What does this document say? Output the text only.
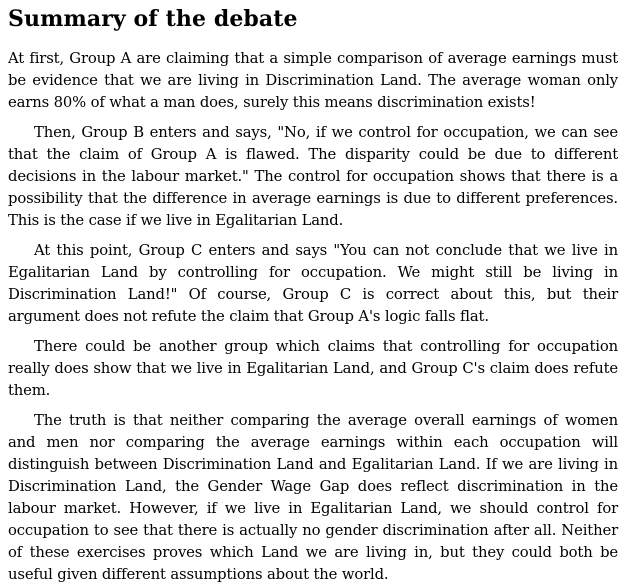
Summary of the debate

At first, Group A are claiming that a simple comparison of average earnings must be evidence that we are living in Discrimination Land. The average woman only earns 80% of what a man does, surely this means discrimination exists!

Then, Group B enters and says, "No, if we control for occupation, we can see that the claim of Group A is flawed. The disparity could be due to different decisions in the labour market." The control for occupation shows that there is a possibility that the difference in average earnings is due to different preferences. This is the case if we live in Egalitarian Land.

At this point, Group C enters and says "You can not conclude that we live in Egalitarian Land by controlling for occupation. We might still be living in Discrimination Land!" Of course, Group C is correct about this, but their argument does not refute the claim that Group A's logic falls flat.

There could be another group which claims that controlling for occupation really does show that we live in Egalitarian Land, and Group C's claim does refute them.

The truth is that neither comparing the average overall earnings of women and men nor comparing the average earnings within each occupation will distinguish between Discrimination Land and Egalitarian Land. If we are living in Discrimination Land, the Gender Wage Gap does reflect discrimination in the labour market. However, if we live in Egalitarian Land, we should control for occupation to see that there is actually no gender discrimination after all. Neither of these exercises proves which Land we are living in, but they could both be useful given different assumptions about the world.
